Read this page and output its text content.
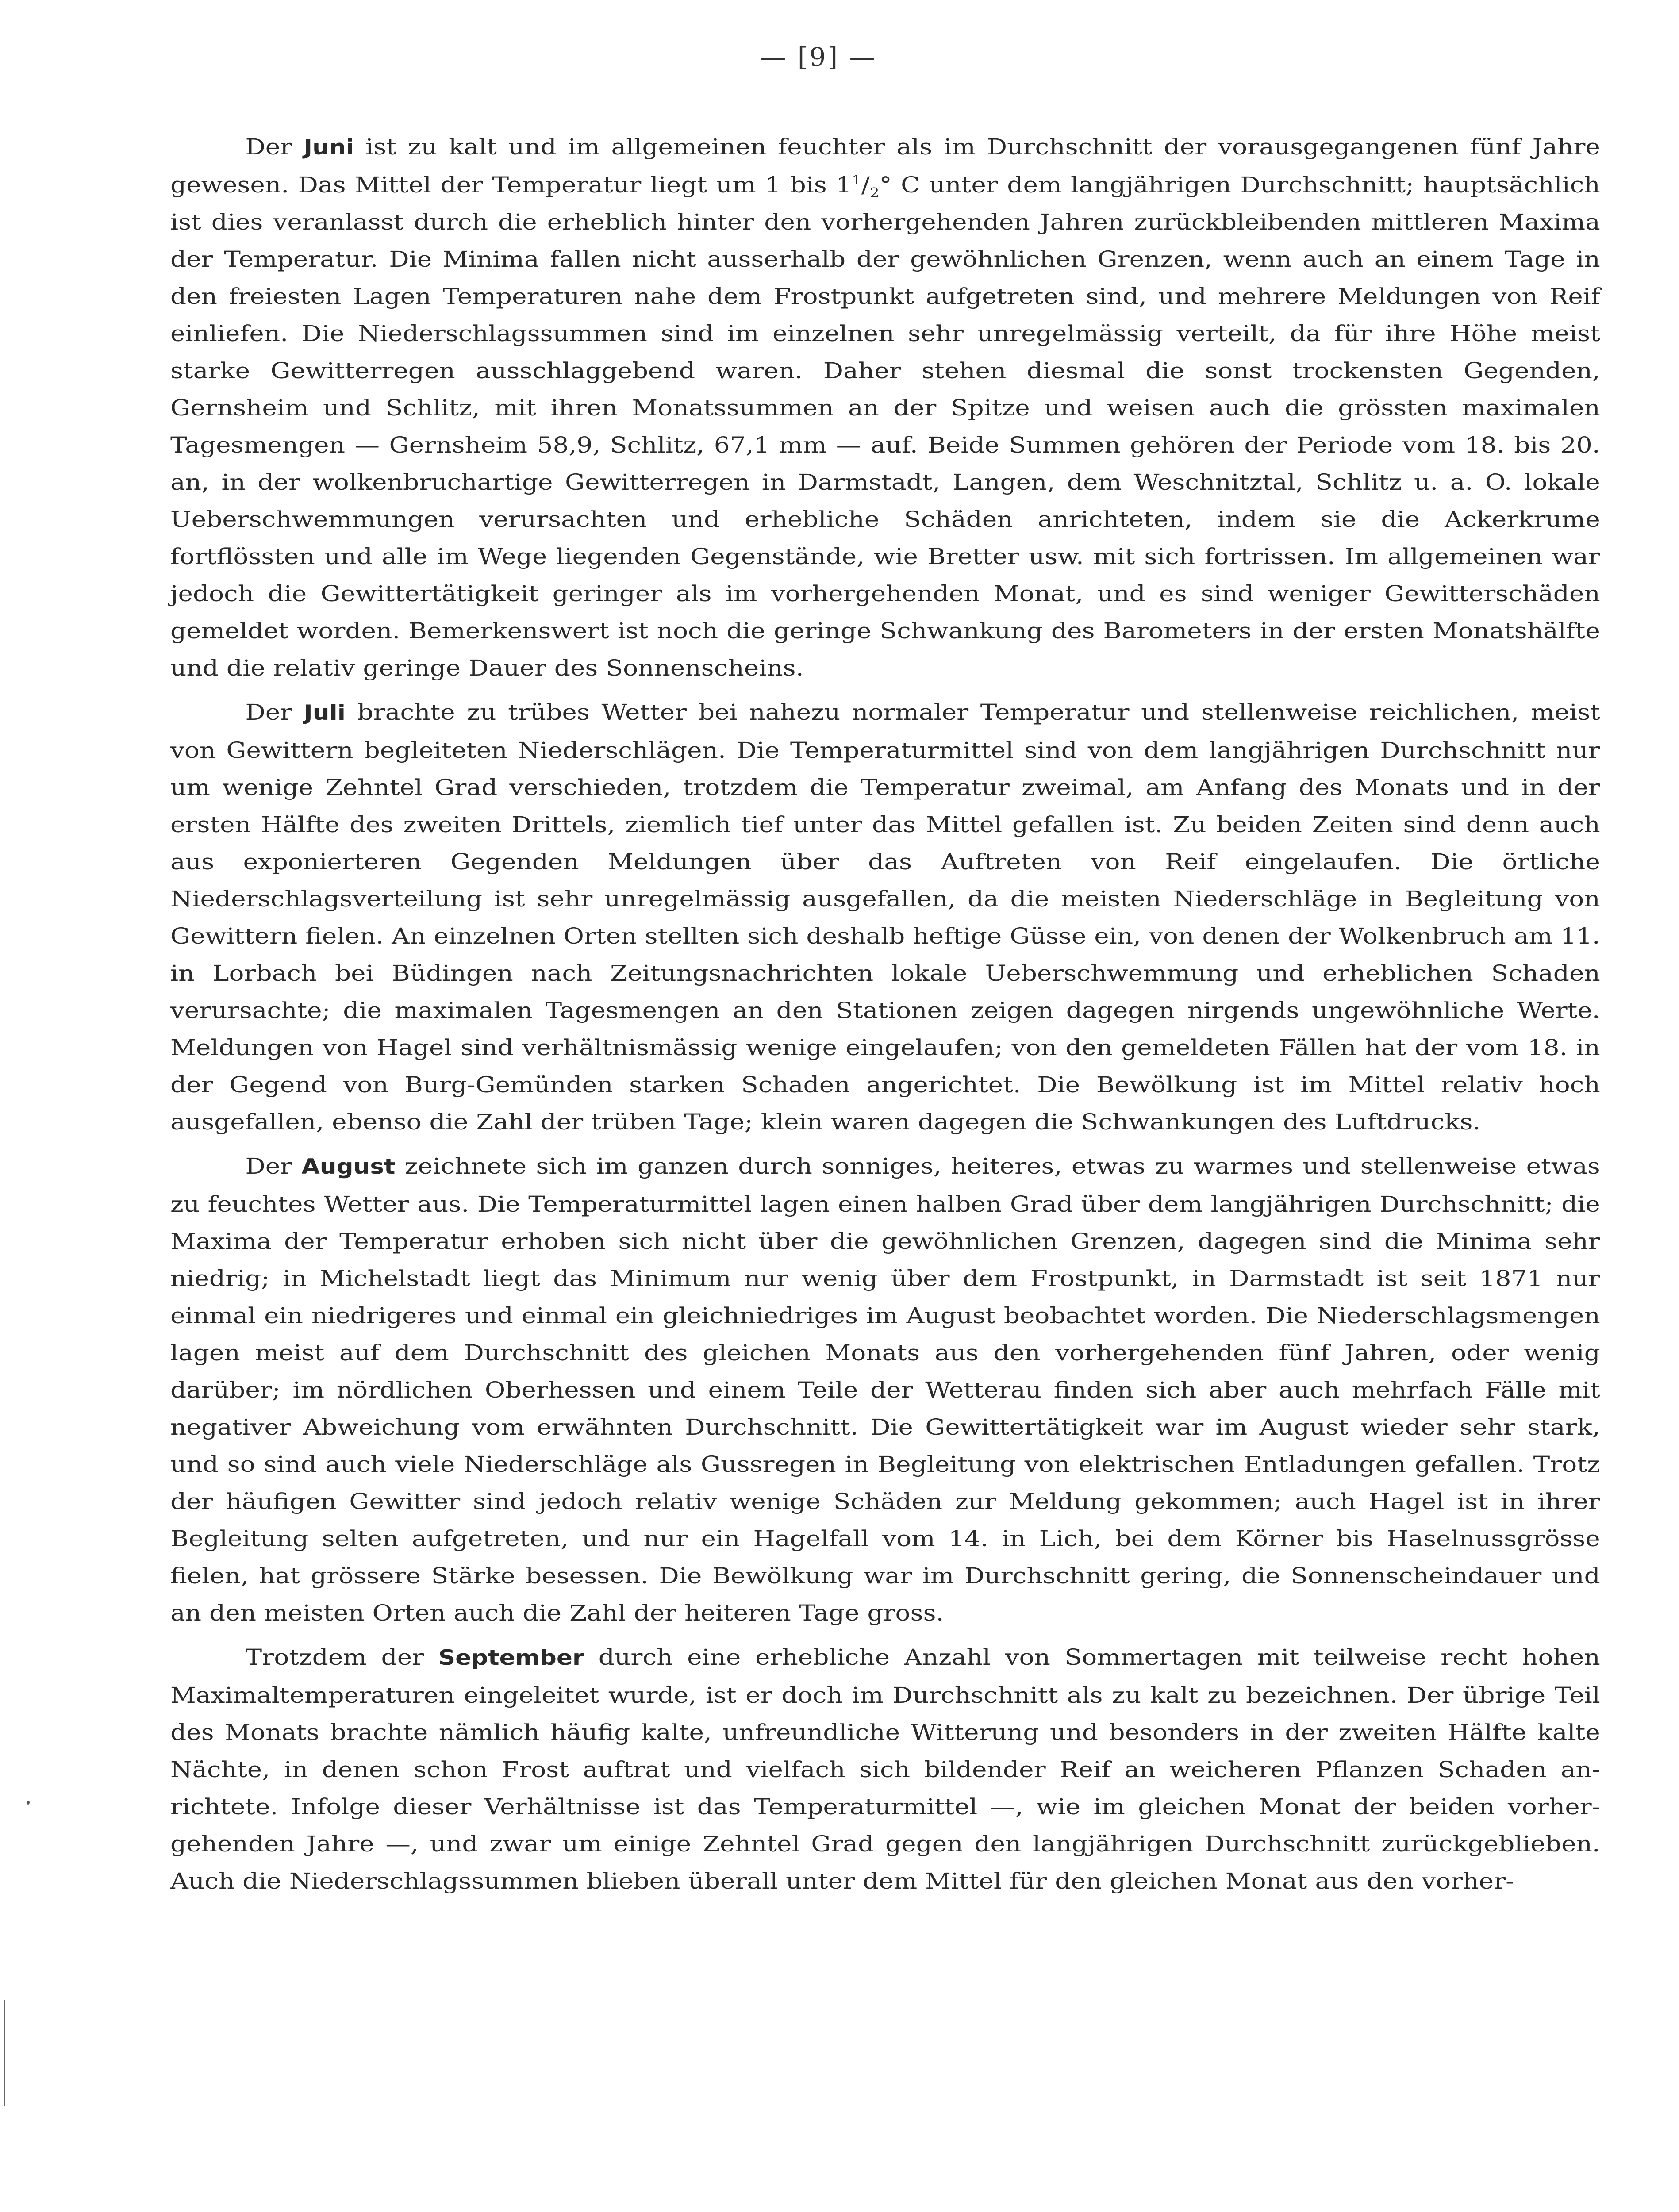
— [9] —

Der Juni ist zu kalt und im allgemeinen feuchter als im Durchschnitt der vorausgegangenen fünf Jahre gewesen. Das Mittel der Temperatur liegt um 1 bis $1^1/_2^\circ$ C unter dem langjährigen Durchschnitt; hauptsächlich ist dies veranlasst durch die erheblich hinter den vorhergehenden Jahren zurückbleibenden mittleren Maxima der Temperatur. Die Minima fallen nicht ausserhalb der gewöhnlichen Grenzen, wenn auch an einem Tage in den freiesten Lagen Temperaturen nahe dem Frostpunkt aufgetreten sind, und mehrere Meldungen von Reif einliefen. Die Niederschlagssummen sind im einzelnen sehr unregelmässig verteilt, da für ihre Höhe meist starke Gewitterregen ausschlaggebend waren. Daher stehen diesmal die sonst trockensten Gegenden, Gernsheim und Schlitz, mit ihren Monatssummen an der Spitze und weisen auch die grössten maximalen Tagesmengen — Gernsheim 58,9, Schlitz, 67,1 mm — auf. Beide Summen gehören der Periode vom 18. bis 20. an, in der wolkenbruchartige Gewitterregen in Darmstadt, Langen, dem Weschnitztal, Schlitz u. a. O. lokale Ueberschwemmungen verursachten und erhebliche Schäden anrichteten, indem sie die Ackerkrume fortflössten und alle im Wege liegenden Gegenstände, wie Bretter usw. mit sich fortrissen. Im allgemeinen war jedoch die Gewittertätigkeit geringer als im vorhergehenden Monat, und es sind weniger Gewitterschäden gemeldet worden. Bemerkenswert ist noch die geringe Schwankung des Barometers in der ersten Monatshälfte und die relativ geringe Dauer des Sonnenscheins.

Der Juli brachte zu trübes Wetter bei nahezu normaler Temperatur und stellenweise reichlichen, meist von Gewittern begleiteten Niederschlägen. Die Temperaturmittel sind von dem langjährigen Durchschnitt nur um wenige Zehntel Grad verschieden, trotzdem die Temperatur zweimal, am Anfang des Monats und in der ersten Hälfte des zweiten Drittels, ziemlich tief unter das Mittel gefallen ist. Zu beiden Zeiten sind denn auch aus exponierteren Gegenden Meldungen über das Auftreten von Reif eingelaufen. Die örtliche Niederschlagsverteilung ist sehr unregelmässig ausgefallen, da die meisten Niederschläge in Begleitung von Gewittern fielen. An einzelnen Orten stellten sich deshalb heftige Güsse ein, von denen der Wolkenbruch am 11. in Lorbach bei Büdingen nach Zeitungsnachrichten lokale Ueberschwemmung und erheblichen Schaden verursachte; die maximalen Tagesmengen an den Stationen zeigen dagegen nirgends ungewöhnliche Werte. Meldungen von Hagel sind verhältnismässig wenige eingelaufen; von den gemeldeten Fällen hat der vom 18. in der Gegend von Burg-Gemünden starken Schaden angerichtet. Die Bewölkung ist im Mittel relativ hoch ausgefallen, ebenso die Zahl der trüben Tage; klein waren dagegen die Schwankungen des Luftdrucks.

Der August zeichnete sich im ganzen durch sonniges, heiteres, etwas zu warmes und stellenweise etwas zu feuchtes Wetter aus. Die Temperaturmittel lagen einen halben Grad über dem langjährigen Durchschnitt; die Maxima der Temperatur erhoben sich nicht über die gewöhnlichen Grenzen, dagegen sind die Minima sehr niedrig; in Michelstadt liegt das Minimum nur wenig über dem Frostpunkt, in Darmstadt ist seit 1871 nur einmal ein niedrigeres und einmal ein gleichniedriges im August beobachtet worden. Die Niederschlagsmengen lagen meist auf dem Durchschnitt des gleichen Monats aus den vorhergehenden fünf Jahren, oder wenig darüber; im nördlichen Oberhessen und einem Teile der Wetterau finden sich aber auch mehrfach Fälle mit negativer Abweichung vom erwähnten Durchschnitt. Die Gewittertätigkeit war im August wieder sehr stark, und so sind auch viele Niederschläge als Gussregen in Begleitung von elektrischen Entladungen gefallen. Trotz der häufigen Gewitter sind jedoch relativ wenige Schäden zur Meldung gekommen; auch Hagel ist in ihrer Begleitung selten aufgetreten, und nur ein Hagelfall vom 14. in Lich, bei dem Körner bis Haselnussgrösse fielen, hat grössere Stärke besessen. Die Bewölkung war im Durchschnitt gering, die Sonnenscheindauer und an den meisten Orten auch die Zahl der heiteren Tage gross.

Trotzdem der September durch eine erhebliche Anzahl von Sommertagen mit teilweise recht hohen Maximaltemperaturen eingeleitet wurde, ist er doch im Durchschnitt als zu kalt zu bezeichnen. Der übrige Teil des Monats brachte nämlich häufig kalte, unfreundliche Witterung und besonders in der zweiten Hälfte kalte Nächte, in denen schon Frost auftrat und vielfach sich bildender Reif an weicheren Pflanzen Schaden anrichtete. Infolge dieser Verhältnisse ist das Temperaturmittel —, wie im gleichen Monat der beiden vorhergehenden Jahre —, und zwar um einige Zehntel Grad gegen den langjährigen Durchschnitt zurückgeblieben. Auch die Niederschlagssummen blieben überall unter dem Mittel für den gleichen Monat aus den vorher-
